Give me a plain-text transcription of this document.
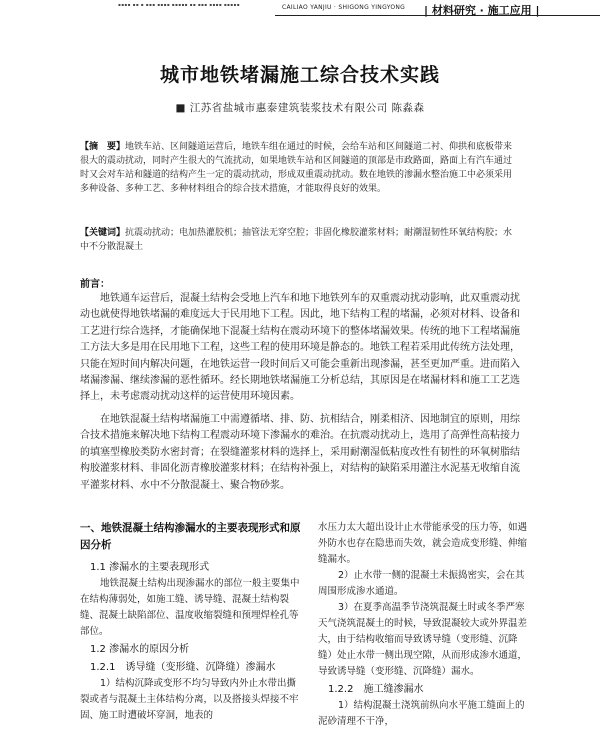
▪▪▪▪ ▪▪ ▪ ▪▪▪ ▪▪▪▪ ▪▪▪▪▪ ▪▪ ▪▪▪ ▪▪▪▪ ▪▪▪▪▪	CAILIAO YANJIU · SHIGONG YINGYONG | 材料研究 · 施工应用 |
城市地铁堵漏施工综合技术实践
■ 江苏省盐城市惠泰建筑装浆技术有限公司 陈淼森
【摘　要】地铁车站、区间隧道运营后，地铁车组在通过的时候，会给车站和区间隧道二衬、仰拱和底板带来很大的震动扰动，同时产生很大的气流扰动，如果地铁车站和区间隧道的顶部是市政路面，路面上有汽车通过时又会对车站和隧道的结构产生一定的震动扰动，形成双重震动扰动。数在地铁的渗漏水整治施工中必须采用多种设备、多种工艺、多种材料组合的综合技术措施，才能取得良好的效果。
【关键词】抗震动扰动；电加热灌胶机；抽管法无穿空腔；非固化橡胶灌浆材料；耐潮湿韧性环氧结构胶；水中不分散混凝土
前言：

地铁通车运营后，混凝土结构会受地上汽车和地下地铁列车的双重震动扰动影响，此双重震动扰动也就使得地铁堵漏的难度远大于民用地下工程。因此，地下结构工程的堵漏，必须对材料、设备和工艺进行综合选择，才能确保地下混凝土结构在震动环境下的整体堵漏效果。传统的地下工程堵漏施工方法大多是用在民用地下工程，这些工程的使用环境是静态的。地铁工程若采用此传统方法处理，只能在短时间内解决问题，在地铁运营一段时间后又可能会重新出现渗漏，甚至更加严重。进而陷入堵漏渗漏、继续渗漏的恶性循环。经长期地铁堵漏施工分析总结，其原因是在堵漏材料和施工工艺选择上，未考虑震动扰动这样的运营使用环境因素。

在地铁混凝土结构堵漏施工中需遵循堵、排、防、抗相结合，刚柔相济、因地制宜的原则，用综合技术措施来解决地下结构工程震动环境下渗漏水的难治。在抗震动扰动上，选用了高弹性高粘接力的填塞型橡胶类防水密封膏；在裂缝灌浆材料的选择上，采用耐潮湿低粘度改性有韧性的环氧树脂结构胶灌浆材料、非固化沥青橡胶灌浆材料；在结构补强上，对结构的缺陷采用灌注水泥基无收缩自流平灌浆材料、水中不分散混凝土、聚合物砂浆。

一、地铁混凝土结构渗漏水的主要表现形式和原因分析
1.1 渗漏水的主要表现形式

地铁混凝土结构出现渗漏水的部位一般主要集中在结构薄弱处，如施工缝、诱导缝、混凝土结构裂缝、混凝土缺陷部位、温度收缩裂缝和预埋焊栓孔等部位。

1.2 渗漏水的原因分析
1.2.1　诱导缝（变形缝、沉降缝）渗漏水

1）结构沉降或变形不均匀导致内外止水带出撕裂或者与混凝土主体结构分离，以及搭接头焊接不牢固、施工时遭破坏穿洞，地表的

水压力太大超出设计止水带能承受的压力等，如遇外防水也存在隐患而失效，就会造成变形缝、伸缩缝漏水。

2）止水带一侧的混凝土未振捣密实，会在其周围形成渗水通道。

3）在夏季高温季节浇筑混凝土时或冬季严寒天气浇筑混凝土的时候，导致混凝较大或外界温差大，由于结构收缩而导致诱导缝（变形缝、沉降缝）处止水带一侧出现空隙，从而形成渗水通道，导致诱导缝（变形缝、沉降缝）漏水。

1.2.2　施工缝渗漏水

1）结构混凝土浇筑前纵向水平施工缝面上的泥砂清理不干净，
